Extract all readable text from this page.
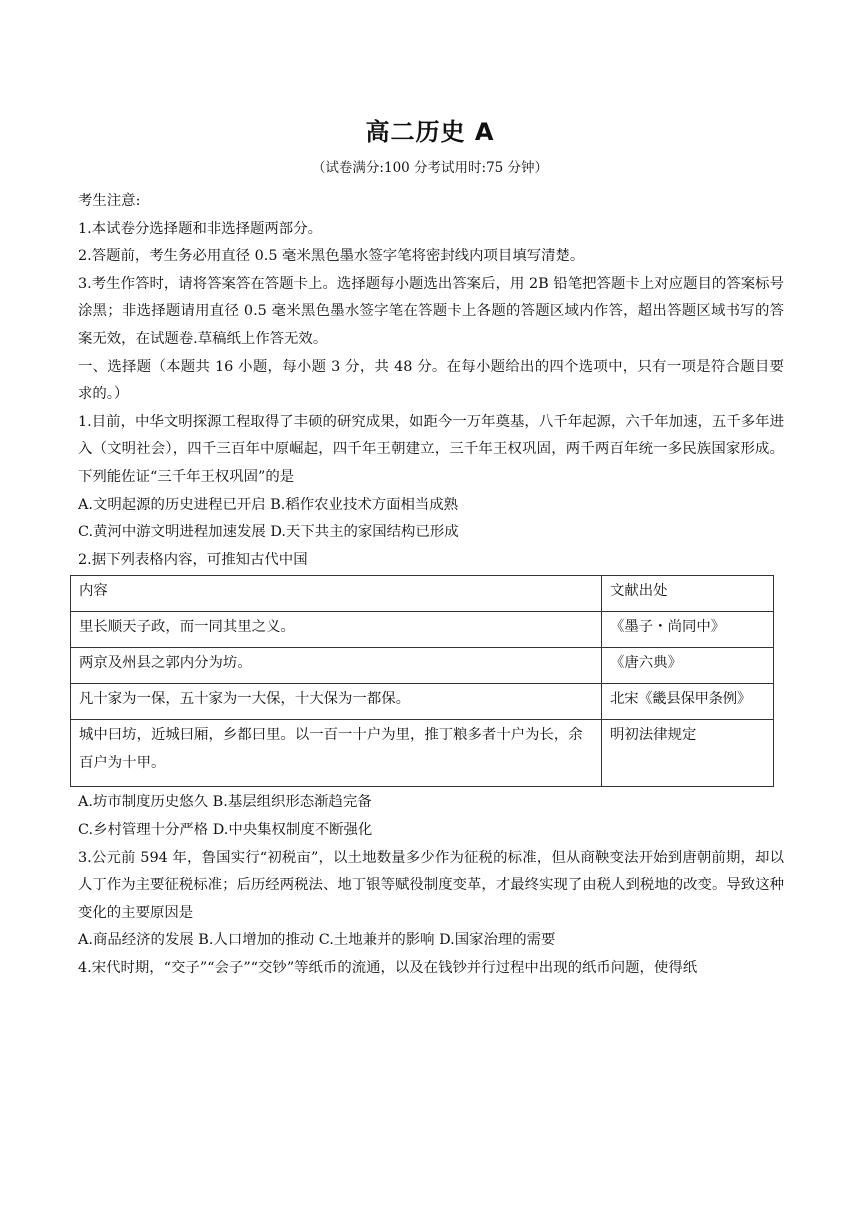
高二历史 A
（试卷满分:100 分考试用时:75 分钟）

考生注意:

1.本试卷分选择题和非选择题两部分。

2.答题前，考生务必用直径 0.5 毫米黑色墨水签字笔将密封线内项目填写清楚。

3.考生作答时，请将答案答在答题卡上。选择题每小题选出答案后，用 2B 铅笔把答题卡上对应题目的答案标号涂黑；非选择题请用直径 0.5 毫米黑色墨水签字笔在答题卡上各题的答题区域内作答，超出答题区域书写的答案无效，在试题卷.草稿纸上作答无效。

一、选择题（本题共 16 小题，每小题 3 分，共 48 分。在每小题给出的四个选项中，只有一项是符合题目要求的。）

1.目前，中华文明探源工程取得了丰硕的研究成果，如距今一万年奠基，八千年起源，六千年加速，五千多年进入（文明社会），四千三百年中原崛起，四千年王朝建立，三千年王权巩固，两千两百年统一多民族国家形成。下列能佐证“三千年王权巩固”的是

A.文明起源的历史进程已开启 B.稻作农业技术方面相当成熟

C.黄河中游文明进程加速发展 D.天下共主的家国结构已形成

2.据下列表格内容，可推知古代中国

内容	文献出处
里长顺天子政，而一同其里之义。	《墨子・尚同中》
两京及州县之郭内分为坊。	《唐六典》
凡十家为一保，五十家为一大保，十大保为一都保。	北宋《畿县保甲条例》
城中曰坊，近城曰厢，乡都曰里。以一百一十户为里，推丁粮多者十户为长，余百户为十甲。	明初法律规定

A.坊市制度历史悠久 B.基层组织形态渐趋完备

C.乡村管理十分严格 D.中央集权制度不断强化

3.公元前 594 年，鲁国实行“初税亩”，以土地数量多少作为征税的标准，但从商鞅变法开始到唐朝前期，却以人丁作为主要征税标准；后历经两税法、地丁银等赋役制度变革，才最终实现了由税人到税地的改变。导致这种变化的主要原因是

A.商品经济的发展 B.人口增加的推动 C.土地兼并的影响 D.国家治理的需要

4.宋代时期，“交子”“会子”“交钞”等纸币的流通，以及在钱钞并行过程中出现的纸币问题，使得纸
